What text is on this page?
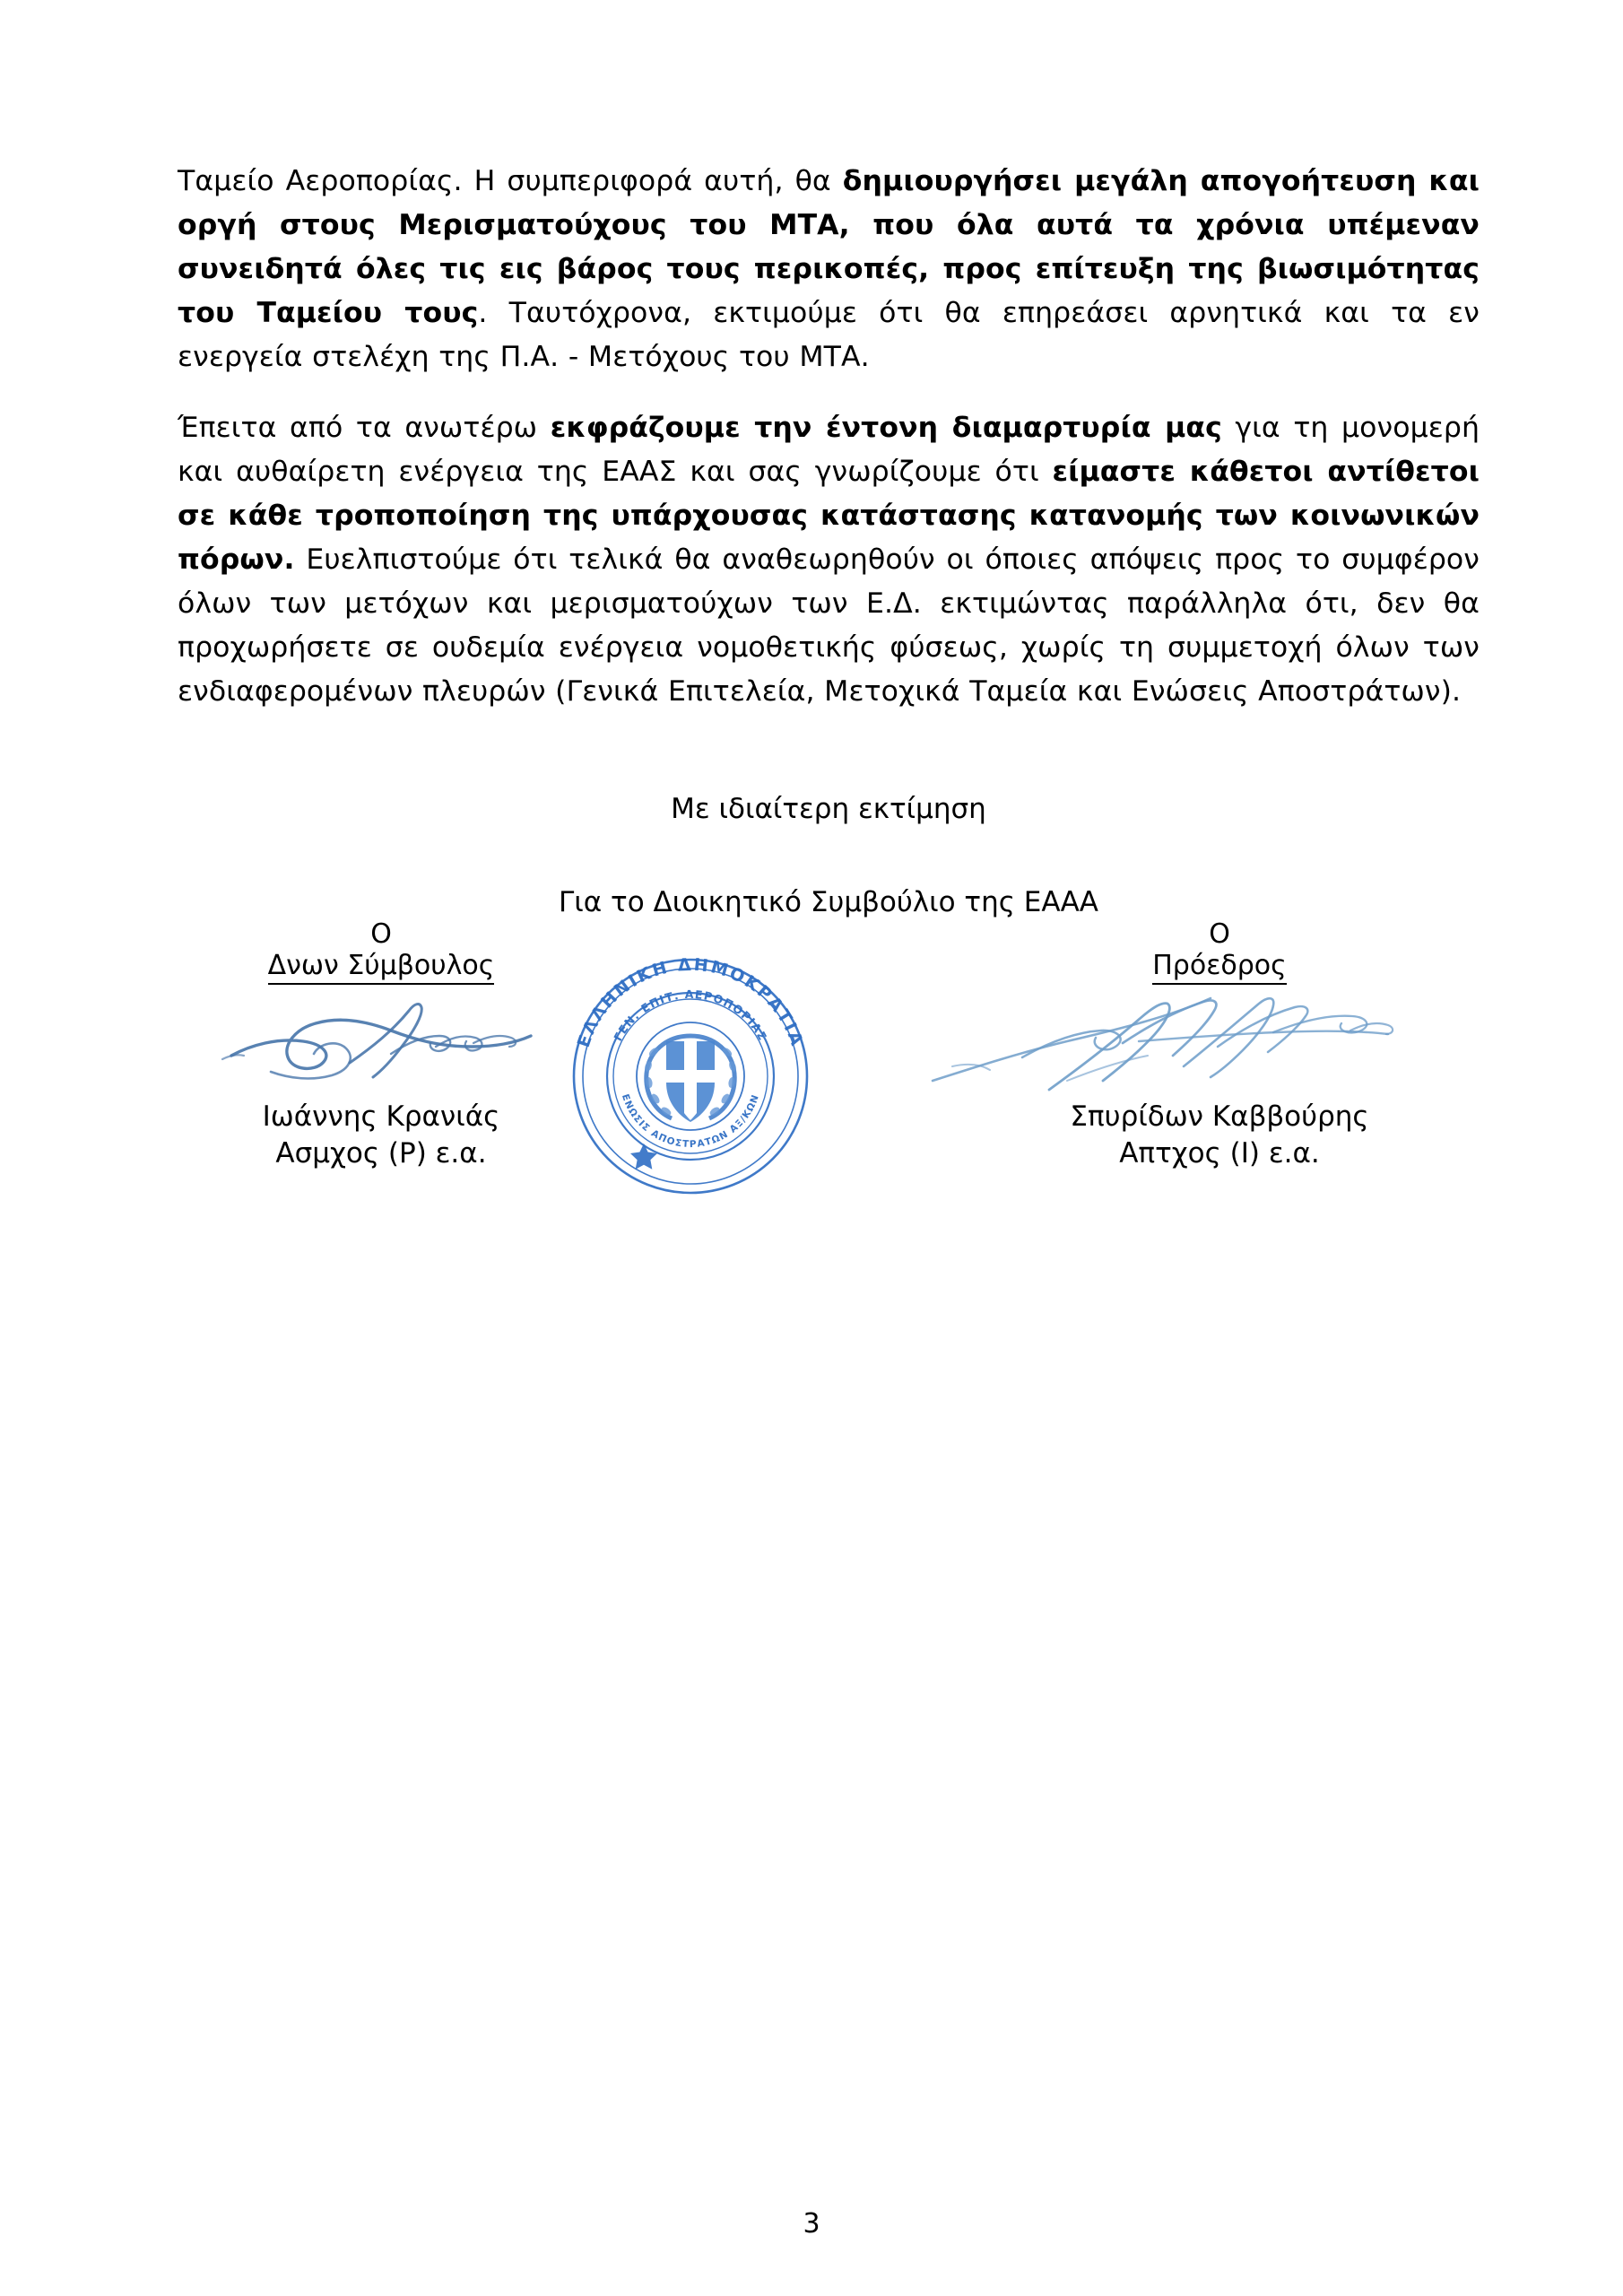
Ταμείο Αεροπορίας. Η συμπεριφορά αυτή, θα δημιουργήσει μεγάλη απογοήτευση και οργή στους Μερισματούχους του ΜΤΑ, που όλα αυτά τα χρόνια υπέμεναν συνειδητά όλες τις εις βάρος τους περικοπές, προς επίτευξη της βιωσιμότητας του Ταμείου τους. Ταυτόχρονα, εκτιμούμε ότι θα επηρεάσει αρνητικά και τα εν ενεργεία στελέχη της Π.Α. - Μετόχους του ΜΤΑ.

Έπειτα από τα ανωτέρω εκφράζουμε την έντονη διαμαρτυρία μας για τη μονομερή και αυθαίρετη ενέργεια της ΕΑΑΣ και σας γνωρίζουμε ότι είμαστε κάθετοι αντίθετοι σε κάθε τροποποίηση της υπάρχουσας κατάστασης κατανομής των κοινωνικών πόρων. Ευελπιστούμε ότι τελικά θα αναθεωρηθούν οι όποιες απόψεις προς το συμφέρον όλων των μετόχων και μερισματούχων των Ε.Δ. εκτιμώντας παράλληλα ότι, δεν θα προχωρήσετε σε ουδεμία ενέργεια νομοθετικής φύσεως, χωρίς τη συμμετοχή όλων των ενδιαφερομένων πλευρών (Γενικά Επιτελεία, Μετοχικά Ταμεία και Ενώσεις Αποστράτων).

Με ιδιαίτερη εκτίμηση
Για το Διοικητικό Συμβούλιο της ΕΑΑΑ
Ο
Δνων Σύμβουλος
Ιωάννης Κρανιάς
Ασμχος (Ρ) ε.α.
Ο
Πρόεδρος
Σπυρίδων Καββούρης
Απτχος (Ι) ε.α.
ΕΛΛΗΝΙΚΗ ΔΗΜΟΚΡΑΤΙΑ
ΓΕΝ. ΕΠΙΤ. ΑΕΡΟΠΟΡΙΑΣ
ΕΝΩΣΙΣ ΑΠΟΣΤΡΑΤΩΝ ΑΞ/ΚΩΝ
3
